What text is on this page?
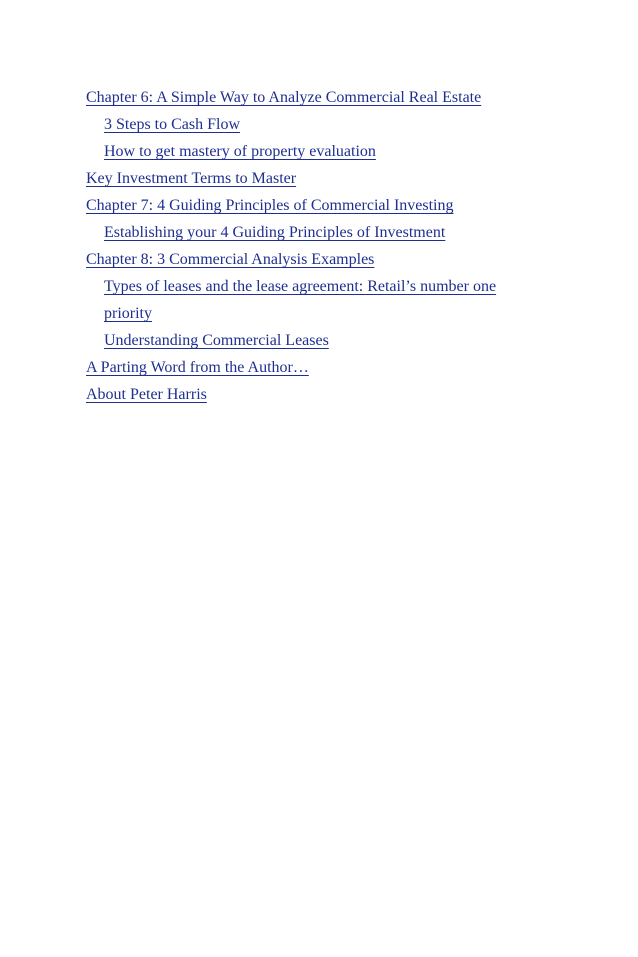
Chapter 6: A Simple Way to Analyze Commercial Real Estate
3 Steps to Cash Flow
How to get mastery of property evaluation
Key Investment Terms to Master
Chapter 7: 4 Guiding Principles of Commercial Investing
Establishing your 4 Guiding Principles of Investment
Chapter 8: 3 Commercial Analysis Examples
Types of leases and the lease agreement: Retail’s number one
priority
Understanding Commercial Leases
A Parting Word from the Author…
About Peter Harris
